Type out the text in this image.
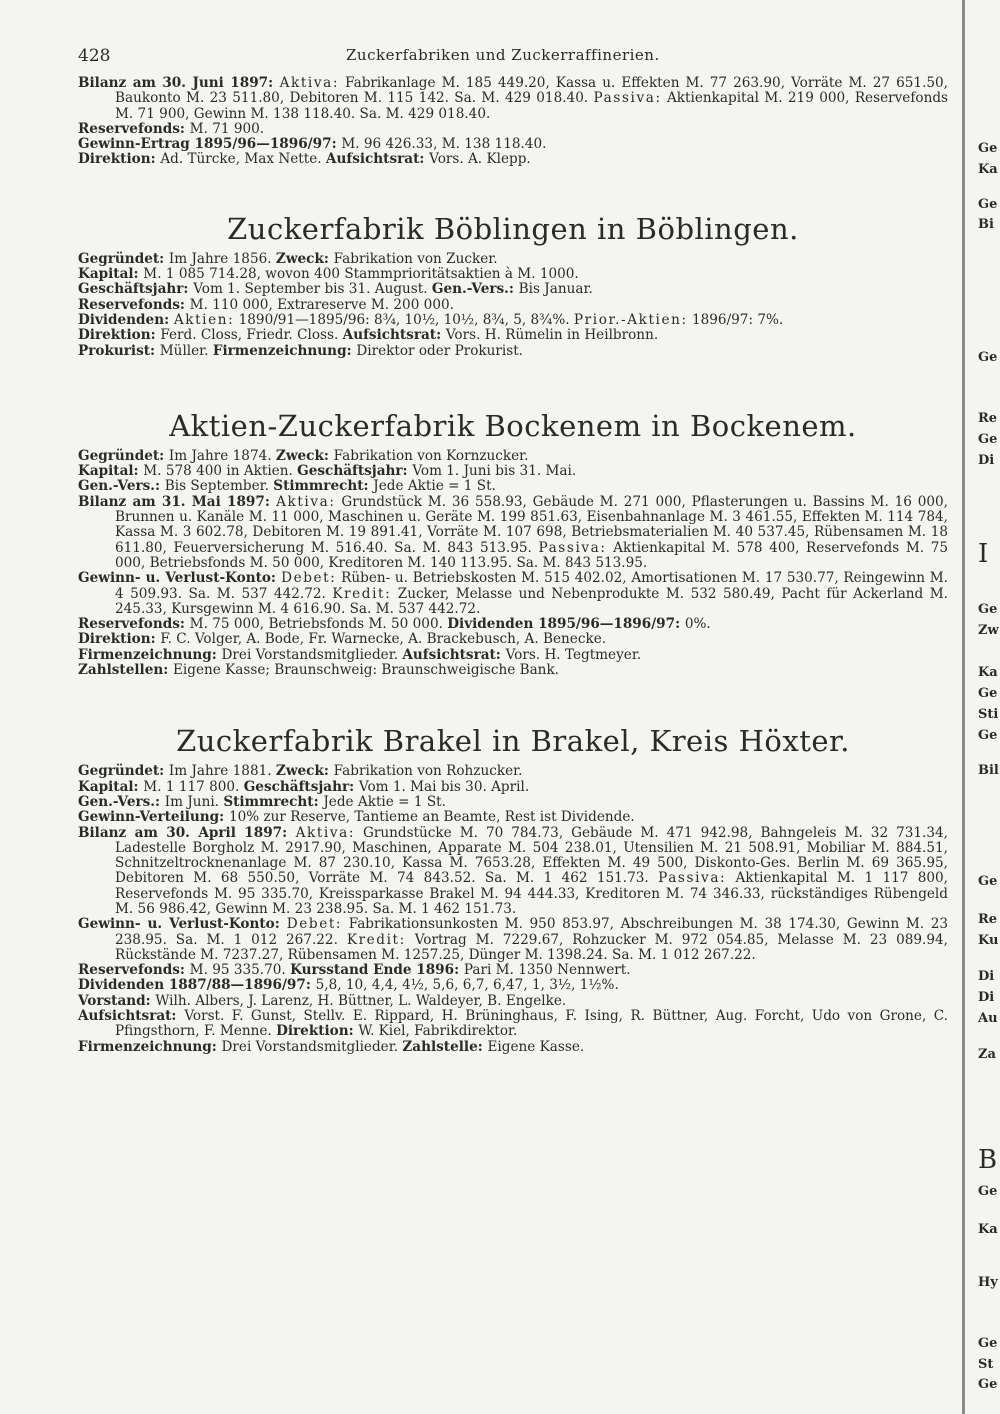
428	Zuckerfabriken und Zuckerraffinerien.

Bilanz am 30. Juni 1897: Aktiva: Fabrikanlage M. 185 449.20, Kassa u. Effekten M. 77 263.90, Vorräte M. 27 651.50, Baukonto M. 23 511.80, Debitoren M. 115 142. Sa. M. 429 018.40. Passiva: Aktienkapital M. 219 000, Reservefonds M. 71 900, Gewinn M. 138 118.40. Sa. M. 429 018.40.

Reservefonds: M. 71 900.

Gewinn-Ertrag 1895/96—1896/97: M. 96 426.33, M. 138 118.40.

Direktion: Ad. Türcke, Max Nette. Aufsichtsrat: Vors. A. Klepp.

Zuckerfabrik Böblingen in Böblingen.

Gegründet: Im Jahre 1856. Zweck: Fabrikation von Zucker.

Kapital: M. 1 085 714.28, wovon 400 Stammprioritätsaktien à M. 1000.

Geschäftsjahr: Vom 1. September bis 31. August. Gen.-Vers.: Bis Januar.

Reservefonds: M. 110 000, Extrareserve M. 200 000.

Dividenden: Aktien: 1890/91—1895/96: 8¾, 10½, 10½, 8¾, 5, 8¾%. Prior.-Aktien: 1896/97: 7%.

Direktion: Ferd. Closs, Friedr. Closs. Aufsichtsrat: Vors. H. Rümelin in Heilbronn.

Prokurist: Müller. Firmenzeichnung: Direktor oder Prokurist.

Aktien-Zuckerfabrik Bockenem in Bockenem.

Gegründet: Im Jahre 1874. Zweck: Fabrikation von Kornzucker.

Kapital: M. 578 400 in Aktien. Geschäftsjahr: Vom 1. Juni bis 31. Mai.

Gen.-Vers.: Bis September. Stimmrecht: Jede Aktie = 1 St.

Bilanz am 31. Mai 1897: Aktiva: Grundstück M. 36 558.93, Gebäude M. 271 000, Pflasterungen u. Bassins M. 16 000, Brunnen u. Kanäle M. 11 000, Maschinen u. Geräte M. 199 851.63, Eisenbahnanlage M. 3 461.55, Effekten M. 114 784, Kassa M. 3 602.78, Debitoren M. 19 891.41, Vorräte M. 107 698, Betriebsmaterialien M. 40 537.45, Rübensamen M. 18 611.80, Feuerversicherung M. 516.40. Sa. M. 843 513.95. Passiva: Aktienkapital M. 578 400, Reservefonds M. 75 000, Betriebsfonds M. 50 000, Kreditoren M. 140 113.95. Sa. M. 843 513.95.

Gewinn- u. Verlust-Konto: Debet: Rüben- u. Betriebskosten M. 515 402.02, Amortisationen M. 17 530.77, Reingewinn M. 4 509.93. Sa. M. 537 442.72. Kredit: Zucker, Melasse und Nebenprodukte M. 532 580.49, Pacht für Ackerland M. 245.33, Kursgewinn M. 4 616.90. Sa. M. 537 442.72.

Reservefonds: M. 75 000, Betriebsfonds M. 50 000. Dividenden 1895/96—1896/97: 0%.

Direktion: F. C. Volger, A. Bode, Fr. Warnecke, A. Brackebusch, A. Benecke.

Firmenzeichnung: Drei Vorstandsmitglieder. Aufsichtsrat: Vors. H. Tegtmeyer.

Zahlstellen: Eigene Kasse; Braunschweig: Braunschweigische Bank.

Zuckerfabrik Brakel in Brakel, Kreis Höxter.

Gegründet: Im Jahre 1881. Zweck: Fabrikation von Rohzucker.

Kapital: M. 1 117 800. Geschäftsjahr: Vom 1. Mai bis 30. April.

Gen.-Vers.: Im Juni. Stimmrecht: Jede Aktie = 1 St.

Gewinn-Verteilung: 10% zur Reserve, Tantieme an Beamte, Rest ist Dividende.

Bilanz am 30. April 1897: Aktiva: Grundstücke M. 70 784.73, Gebäude M. 471 942.98, Bahngeleis M. 32 731.34, Ladestelle Borgholz M. 2917.90, Maschinen, Apparate M. 504 238.01, Utensilien M. 21 508.91, Mobiliar M. 884.51, Schnitzeltrocknenanlage M. 87 230.10, Kassa M. 7653.28, Effekten M. 49 500, Diskonto-Ges. Berlin M. 69 365.95, Debitoren M. 68 550.50, Vorräte M. 74 843.52. Sa. M. 1 462 151.73. Passiva: Aktienkapital M. 1 117 800, Reservefonds M. 95 335.70, Kreissparkasse Brakel M. 94 444.33, Kreditoren M. 74 346.33, rückständiges Rübengeld M. 56 986.42, Gewinn M. 23 238.95. Sa. M. 1 462 151.73.

Gewinn- u. Verlust-Konto: Debet: Fabrikationsunkosten M. 950 853.97, Abschreibungen M. 38 174.30, Gewinn M. 23 238.95. Sa. M. 1 012 267.22. Kredit: Vortrag M. 7229.67, Rohzucker M. 972 054.85, Melasse M. 23 089.94, Rückstände M. 7237.27, Rübensamen M. 1257.25, Dünger M. 1398.24. Sa. M. 1 012 267.22.

Reservefonds: M. 95 335.70. Kursstand Ende 1896: Pari M. 1350 Nennwert.

Dividenden 1887/88—1896/97: 5,8, 10, 4,4, 4½, 5,6, 6,7, 6,47, 1, 3½, 1½%.

Vorstand: Wilh. Albers, J. Larenz, H. Büttner, L. Waldeyer, B. Engelke.

Aufsichtsrat: Vorst. F. Gunst, Stellv. E. Rippard, H. Brüninghaus, F. Ising, R. Büttner, Aug. Forcht, Udo von Grone, C. Pfingsthorn, F. Menne. Direktion: W. Kiel, Fabrikdirektor.

Firmenzeichnung: Drei Vorstandsmitglieder. Zahlstelle: Eigene Kasse.

Ge
Ka
Ge
Bi
Ge
Re
Ge
Di
I
Ge
Zw
Ka
Ge
Sti
Ge
Bil
Ge
Re
Ku
Di
Di
Au
Za
B
Ge
Ka
Hy
Ge
St
Ge
